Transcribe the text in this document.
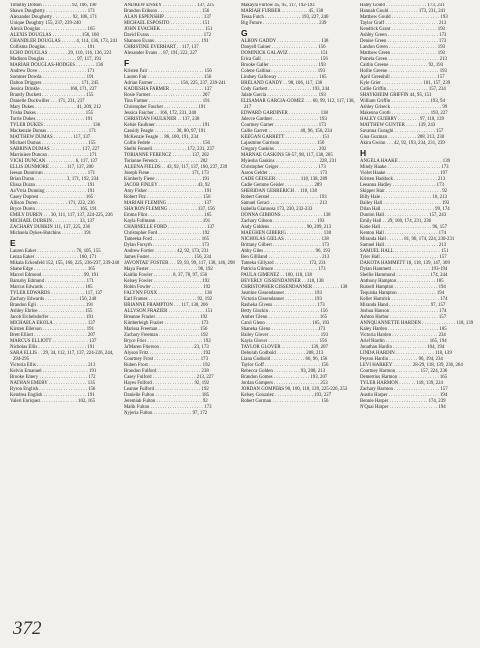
Timothy Dotson . . . . . . . . . . . . 92, 106, 190
Shawn Dougherty . . . . . . . . . . . . . . . . . 171
Alexander Dougherty . . . . . . . . 92, 106, 171
Unique Doughtry 155, 237, 239-240
Alexis Douglas . . . . . . . . . . . . . . . . . . . 165
ALEXIS DOUGLAS . . . . . . . . . . . . 156, 160
CHANDLER DOUGLAS . . . . . . 4, 114, 136, 173, 241
Collisma Douglas . . . . . . . . . . . . . . . . . 191
ECHO DOUGLAS . . . . . . . . 29, 110, 116, 136, 223
Madison Douglas . . . . . . . . . . . . . 97, 117, 191
MARIAH DOUGLAS-HODGES . . . . . . . . 136
Andrew Dove . . . . . . . . . . . . . . . . . . . . 171
Sommer Dowda . . . . . . . . . . . . . . . . . . 191
Dalton Driggers . . . . . . . . . . . . . . . . 171, 245
Jessica Drinkle . . . . . . . . . . . . 160, 171, 237
Brantly Duckett . . . . . . . . . . . . . . . . . . 155
Danielle Duckwiller . . . 171, 231, 237
Mary Dukes . . . . . . . . . . . . . . . . . 41, 209, 212
Trisha Dukes . . . . . . . . . . . . . . . . . . . . 155
Torrie Dukes . . . . . . . . . . . . . . . . . . . . 191
TYLER DUKES . . . . . . . . . . . . . . . . . . . . 136
Mackenzie Dumas . . . . . . . . . . . . . . . . . 171
MATTHEW DUMAS . . . . . . . . 117, 137
Michael Dumas . . . . . . . . . . . . . . . . . . . 155
SABRINA DUMAS . . . . . . . . . . . . . 137, 227
Marriniere Duncan . . . . . . . . . . . . . . . . . 171
VICKI DUNCAN . . . . . . . . . . . . 6, 117, 137
ELLIS DUNMORE . . . . . . . 117, 137, 200
Ieesan Dunnivan . . . . . . . . . . . . . . . . . . 171
Brian Duran . . . . . . . . . . . . . 3, 171, 192, 234
Elissa Duran . . . . . . . . . . . . . . . . . . . . . 191
Aa'Vrria Dunning . . . . . . . . . . . . . . . . . 191
Casey Duprest . . . . . . . . . . . . . . . . . . . 165
Allison Duren . . . . . . . . . . . . 171, 222, 236
Bryce Duren . . . . . . . . . . . . . . . . . . 165, 191
EMILY DUREN . . . 30, 111, 117, 137, 224-225, 236
MICHAEL DURKIN . . . . . . . . . . . 33, 137
ZACHARY DURKIN 111, 137, 225, 236
Michaela Dykes-Hutchins . . . . . . . . . 191
E
Lauren Eaker . . . . . . . . . . . . . . . . 76, 105, 155
Lenza Eaker . . . . . . . . . . . . . . . . . . 160, 171
Mikala Eckenfeld 152, 155, 160, 225, 236-237, 239-240
Shane Edge . . . . . . . . . . . . . . . . . . . . . . 165
Marcel Edmond . . . . . . . . . . . . . . . . . 99, 191
Barnaby Edmund . . . . . . . . . . . . . . . . . 171
Marcus Edwards . . . . . . . . . . . . . . . . . 165
TYLER EDWARDS . . . . . . . . . . . . . . 117, 137
Zachary Edwards . . . . . . . . . . . . . . 156, 240
Brandon Egli . . . . . . . . . . . . . . . . . . . . 191
Ashley Ehrlee . . . . . . . . . . . . . . . . . . . 155
Jacob Eichelsdorfer . . . . . . . . . . . . . . . 191
MICHAELA EKOLA . . . . . . . . . . . . . . 137
Kirsten Ellerson . . . . . . . . . . . . . . . . . . 191
Brett Elliott . . . . . . . . . . . . . . . . . . . . . . 207
MARCUS ELLIOTT . . . . . . . . . . . . . . . 137
Nicholas Ellis . . . . . . . . . . . . . . . . . . . . 191
SARA ELLIS . . 29, 34, 112, 117, 137, 224-226, 244, 294-295
Victoria Ellis . . . . . . . . . . . . . . . . . . . . . 213
Kelvin Emanuel . . . . . . . . . . . . . . . . . . . 191
Brooke Emery . . . . . . . . . . . . . . . . . . . . 172
NATHAN EMERY . . . . . . . . . . . . . . . . 135
Byron English . . . . . . . . . . . . . . . . . . . . 156
Kendrea English . . . . . . . . . . . . . . . . . . 191
Valeri Enriquez . . . . . . . . . . . . . . . 102, 165
ANDREW ENSEY . . . . . . . . . . . . . . 137, 225
Brandon Erikson . . . . . . . . . . . . . . . . . . 156
ALAN ESPENSHIP . . . . . . . . . . . . . . . . 137
MICHAEL ESPOSITO . . . . . . . . . . . . . 151
JOHN EVACHEK . . . . . . . . . . . . . . . . . . 151
David Evans . . . . . . . . . . . . . . . . . . . . . . 172
Shannon Evans . . . . . . . . . . . . . . . . . . . 191
CHRISTINE EVERHART . . 117, 137
Alexander Evans . . 87, 191, 222, 227
F
Kristen Fair . . . . . . . . . . . . . . . . . . . . . . . 156
Lauren Fair . . . . . . . . . . . . . . . . . . . . . . . 156
Adrian Farmer . . . . . . . . . . . 156, 225, 237, 239-241
KADIESHA FARMER . . . . . . . . . . . . . . 137
Rosie Farmer . . . . . . . . . . . . . . . . . . . . . 207
Tina Farmer . . . . . . . . . . . . . . . . . . . . . . 191
Christopher Fascher . . . . . . . . . . . . . . 191
Jessica Fascher . . 166, 172, 231, 240
CHRISTIAN FAULKNER . . 137, 238
Kelsie Faulkner . . . . . . . . . . . . . . . . . . . 191
Cassidy Feagle . . . . . . . . . 38, 80, 97, 191
McKenzie Feagle . . 86, 100, 191, 234
Collin Fedele . . . . . . . . . . . . . . . . . . . . . 156
Shelbi Fennell . . . . . . . . . . . . . . 172, 231, 237
TORIANNE FERENCZ . . . . . . . . 137, 202
Torianne Ferencz . . . . . . . . . . . . . . . . . 202
ALEENA FIELDS . . 43, 92, 117, 137, 160, 237, 239
Joseph Fiene . . . . . . . . . . . . . . . . . 171, 173
Kimberly Fiene . . . . . . . . . . . . . . . . . . . 191
JACOB FINLEY . . . . . . . . . . . . . . . . 43, 92
Amy Fisher . . . . . . . . . . . . . . . . . . . . . . . 191
Robert Fitz . . . . . . . . . . . . . . . . . . . . . . . 156
MARIAH FLEMING . . . . . . . . . . . . . . . 137
SHA'RON FLEMING . . . . . . . . . . . . 137, 156
Emma Flint . . . . . . . . . . . . . . . . . . . . . . . 165
Kayla Follmann . . . . . . . . . . . . . . . . . . . 191
CHARNELLE FORD . . . . . . . . . . . . . . . . 137
Christopher Ford . . . . . . . . . . . . . . . . . . 192
Tameeka Ford . . . . . . . . . . . . . . . . . . . . 165
Dylan Forsyth . . . . . . . . . . . . . . . . . . . . 173
Andrew Fortier . . . . . . . . . 42, 92, 173, 231
James Foster . . . . . . . . . . . . . . . . . . 156, 234
JAVONTAE' FOSTER . . . 59, 93, 99, 117, 138, 146, 208
Maya Foster . . . . . . . . . . . . . . . . . . . . 96, 192
Kaitlin Fowler . . . . . . . . 8, 37, 78, 97, 156
Kelsey Fowler . . . . . . . . . . . . . . . . . . . . 192
Robin Fowler . . . . . . . . . . . . . . . . . . . . . 192
FALYNN FOXX . . . . . . . . . . . . . . . . . . . 136
Earl Frames . . . . . . . . . . . . . . . . . . . . 92, 192
BRIANNE FRAMPTON . . . 117, 138, 206
ALLYSON FRAZIER . . . . . . . . . . . . . . . 151
Breanne Frazier . . . . . . . . . . . . . . . . . . 192
Kimberleigh Frazier . . . . . . . . . . . . . . . 173
Marissa Freeman . . . . . . . . . . . . . . . . . 156
Zachary Freeman . . . . . . . . . . . . . . . . . 192
Bryce Frier . . . . . . . . . . . . . . . . . . . . . . . 192
Ja'Maren Frierson . . . . . . . . . . . . . . 23, 173
Alyson Fritz . . . . . . . . . . . . . . . . . . . . . . 192
Courtney Frost . . . . . . . . . . . . . . . . . . . 173
Ruben Frost . . . . . . . . . . . . . . . . . . . . . . 192
Brandon Fulford . . . . . . . . . . . . . . . . . . 238
Casey Fulford . . . . . . . . . . . . . . . . . . 213, 227
Hayes Fulford . . . . . . . . . . . . . . . . . 92, 192
Leanne Fulford . . . . . . . . . . . . . . . . . . . 192
Danielle Fulton . . . . . . . . . . . . . . . . . . . 185
Jeremiah Fulton . . . . . . . . . . . . . . . . . . . 92
Malik Fulton . . . . . . . . . . . . . . . . . . . . . . 173
Nyjeria Fulton . . . . . . . . . . . . . . . . 97, 172
Makayla Furlow 45, 95, 117, 192-193
MARIAH FURBER . . . . . . . . . . . 45, 138
Tessa Futch . . . . . . . . . . . . . . . 193, 227, 240
Big Future . . . . . . . . . . . . . . . . . . . . . . . 239
G
ALBON GADDY . . . . . . . . . . . . . . . . . . 138
Danyell Gainer . . . . . . . . . . . . . . . . . . . 156
DOMINICK GALAVIZ . . . . . . . . . . . . . 151
Erica Gall . . . . . . . . . . . . . . . . . . . . . . . . 156
Brooke Galler . . . . . . . . . . . . . . . . . . . . 193
Colene Gallina . . . . . . . . . . . . . . . . . . . 193
Lindsey Galloway . . . . . . . . . . . . . . . . . 165
BRELAND GANDY . . 90, 106, 117, 138
Cody Garbett . . . . . . . . . . . . . . . . . . 193, 244
Jalale Garcia . . . . . . . . . . . . . . . . . . . . . 193
ELISAMAR GARCIA-GOMEZ . . . 60, 99, 112, 117, 138, 217
EDWARD GARDINER . . . . . . . . . . . . . 138
Jalecce Gardner . . . . . . . . . . . . . . . . . . . 193
Courtney Garner . . . . . . . . . . . . . . . . . . 173
Callie Garrett . . . . . . . . . . . . . 40, 96, 156, 234
KEEGAN GARRETT . . . . . . . . . . . . . . . 151
Lajasmine Garrison . . . . . . . . . . . . . . . 156
Gregory Gaskins . . . . . . . . . . . . . . . . . . 202
MARNAE GASKINS 56-57, 98, 117, 138, 205
Myiesha Gaskins . . . . . . . . . . . . . . . . . . 228, 231
Christopher Geiger . . . . . . . . . . . . . . . . 173
Aaron Gelder . . . . . . . . . . . . . . . . . . . . . 173
CADE GEISLER . . . . . . . . . . 118, 138, 289
Cadie Gemme Geisler . . . . . . . . . . . . 289
SHERIDAN GERBERICH . . 118, 138
Robert Gerstel . . . . . . . . . . . . . . . . . . . . 193
Samuel Geraci . . . . . . . . . . . . . . . . . . . . 213
Isabella Giannosa 173, 230, 232-233
DONNA GIBBONS . . . . . . . . . . . . . . . . . 138
Zachary Gibson . . . . . . . . . . . . . . . . . . 193
Andy Giddens . . . . . . . . . . . . . . . 90, 209, 213
MAEGHEN GIBERIG . . . . . . . . . . . . . . . 138
NICHOLAS GIELAS . . . . . . . . . . . . . . . 138
Brittany Gilbert . . . . . . . . . . . . . . . . . . . . 173
Abby Giles . . . . . . . . . . . . . . . . . . . . . 96, 193
Ben Gilliland . . . . . . . . . . . . . . . . . . . . . . 213
Tameka Gillyard . . . . . . . . . . . . . . 173, 231
Patricia Gilmore . . . . . . . . . . . . . . . . . . 173
PAULA GIMENEZ . . 100, 118, 138
BEVERLY GISSENDANNER . . 118, 138
CHRISTOPHER GISSENDANNER . . . . . . . . . . . 138
Jasmine Gissendanner . . . . . . . . . . . . 193
Victoria Gissendanner . . . . . . . . . . . . 193
Rasheka Givens . . . . . . . . . . . . . . . . . . 173
Betty Glackin . . . . . . . . . . . . . . . . . . . . . 156
Amber Glenn . . . . . . . . . . . . . . . . . . . . . 165
Carol Glenn . . . . . . . . . . . . . . . . . . . 165, 193
Shaneka Glenn . . . . . . . . . . . . . . . . . . . 173
Bailey Glover . . . . . . . . . . . . . . . . . . . . . 193
Kayla Glover . . . . . . . . . . . . . . . . . . . . . 156
TAYLOR GLOVER . . . . . . . . . . . . 139, 207
Deborah Godbold . . . . . . . . . . . . 208, 213
Liana Godbold . . . . . . . . . . . . . . 66, 96, 156
Taylor Goff . . . . . . . . . . . . . . . . . . . . . . . 156
Rebecca Golden . . . . . . . . . . . 93, 208, 213
Brandon Gomes . . . . . . . . . . . . . . . 193, 207
Jordan Gompers . . . . . . . . . . . . . . . . . . . 253
JORDAN GOMPERS 90, 100, 118, 139, 225-226, 253
Kelsey Gonzalez . . . . . . . . . . . . . . . . 193, 227
Robert Gorman . . . . . . . . . . . . . . . . . . . . 156
Haley Gould . . . . . . . . . . . . . . . . . 173, 231
Hannah Gould . . . . . . . . . . . . 173, 231, 241
Matthew Gould . . . . . . . . . . . . . . . . . . . . 193
Taylor Graff . . . . . . . . . . . . . . . . . . . . . . 213
Kendrick Grant . . . . . . . . . . . . . . . . . . . 193
Ashley Green . . . . . . . . . . . . . . . . . . . . . 173
Denise Green . . . . . . . . . . . . . . . . . . . . . 173
Landon Green . . . . . . . . . . . . . . . . . . . . 193
Matthew Green . . . . . . . . . . . . . . . . . . . 193
Pamela Green . . . . . . . . . . . . . . . . . . . . . 213
Caitlin Greene . . . . . . . . . . . . . . . . 92, 193
Hollie Greene . . . . . . . . . . . . . . . . . . . . . 193
April Greenhill . . . . . . . . . . . . . . . . . . . 157
Kyle Grier . . . . . . . . . . . . . . . . . 101, 157, 239
Callie Griffin . . . . . . . . . . . . . . . . . 157, 234
SHAYKHEIM GRIFFIN 44, 95, 151
William Griffin . . . . . . . . . . . . . . . . 193, 94
Ashley Griseck . . . . . . . . . . . . . . . . . . . . . 99
Makenna Groth . . . . . . . . . . . . . . . . 193, 227
HALEY GUERRY . . . . . . . . . 97, 118, 139
MATTHEW GUNTER . . . . . 139, 243
Savanna Guraghi . . . . . . . . . . . . . . . . . 157
Gina Guzman . . . . . . . . . . . . 208, 213, 230
Akira Gwinn . . . 42, 92, 193, 234, 231, 239
H
ANGELA HAAKE . . . . . . . . . . . . . . . . . . 139
Mindy Haake . . . . . . . . . . . . . . . . . . . . . . 173
Violet Haake . . . . . . . . . . . . . . . . . . . . . . 197
Kristen Haddock . . . . . . . . . . . . . . . . . . 213
Leeanna Hadley . . . . . . . . . . . . . . . . . . 173
Skipper Hair . . . . . . . . . . . . . . . . . . . . . . . 92
Billy Hale . . . . . . . . . . . . . . . . . . . . . 16, 213
Bailey Hall . . . . . . . . . . . . . . . . . . . . . . . . 193
Dilan Hall . . . . . . . . . . . . . . . . . . . . . . 99, 174
Dunton Hall . . . . . . . . . . . . . . . . . . 157, 243
Emily Hall . . 29, 100, 174, 231, 236
Katie Hall . . . . . . . . . . . . . . . . . . . . . 96, 157
Kenton Hall . . . . . . . . . . . . . . . . . . . . . . 174
Miranda Hall . . . . . . . 81, 96, 174, 224, 230-231
Samuel Hall . . . . . . . . . . . . . . . . . . . . . . 213
SAMUEL HALL . . . . . . . . . . . . . . . . . . . 151
Tyler Hall . . . . . . . . . . . . . . . . . . . . . . . . 157
DAKOTA HAMMETT 18, 118, 139, 147, 309
Dylan Hammett . . . . . . . . . . . . . . . . 193-194
Shellie Hammond . . . . . . . . . . . . . . 174, 244
Anthony Hampton . . . . . . . . . . . . . . . . 185
Russell Hampton . . . . . . . . . . . . . . . . . . 194
Tequisha Hampton . . . . . . . . . . . . . . . . 194
Keller Hamrick . . . . . . . . . . . . . . . . . . . . 174
Miranda Hand . . . . . . . . . . . . . . . . . 97, 157
Joshua Hanson . . . . . . . . . . . . . . . . . . . . 174
Ashton Harbor . . . . . . . . . . . . . . . . . . . . 157
ANNQUANNETTE HARDEN . . . . . . . . . . . . . . 118, 139
Kaley Harden . . . . . . . . . . . . . . . . . . . . . 185
Victoria Harden . . . . . . . . . . . . . . . . . . . 234
Ariel Hardin . . . . . . . . . . . . . . . . . . 165, 194
Jonathan Hardin . . . . . . . . . . . . . . 104, 194
LINDA HARDIN . . . . . . . . . . . . . . . . 118, 139
Peyton Hardin . . . . . . . . . . . . 96, 194, 234
LEVI HARKEY . . . . . . . . 28-29, 118, 139, 236, 264
Courtney Harmon . . . . . . . . . . 157, 224, 236
Demetrius Harmon . . . . . . . . . . . . . . . . . 165
TYLER HARMON . . . . . . . 118, 139, 224
Zachary Harmon . . . . . . . . . . . . . . . . . . . 157
Austin Harper . . . . . . . . . . . . . . . . . . . . . 194
Bennie Harper . . . . . . . . . . . . . . . . 174, 239
N'Quai Harper . . . . . . . . . . . . . . . . . . . . 194
372
